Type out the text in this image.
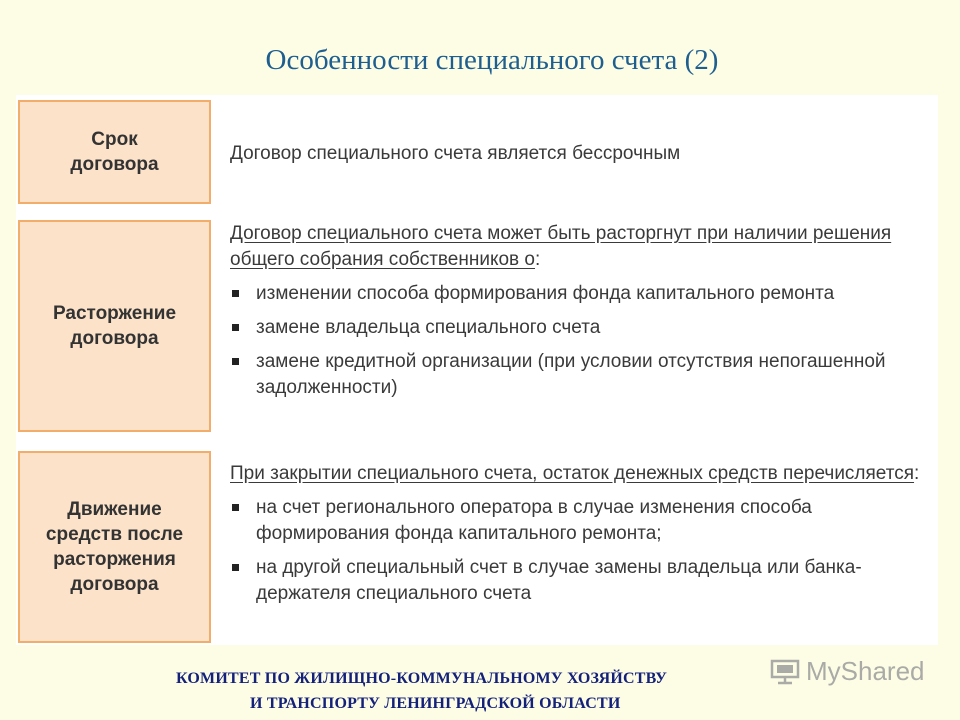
Особенности специального счета (2)
Срок
договора
Договор специального счета является бессрочным
Расторжение
договора
Договор специального счета может быть расторгнут при наличии решения общего собрания собственников о:
изменении способа формирования фонда капитального ремонта
замене владельца специального счета
замене кредитной организации (при условии отсутствия непогашенной задолженности)
Движение
средств после
расторжения
договора
При закрытии специального счета, остаток денежных средств перечисляется:
на счет регионального оператора в случае изменения способа формирования фонда капитального ремонта;
на другой специальный счет в случае замены владельца или банка-держателя специального счета
КОМИТЕТ ПО ЖИЛИЩНО-КОММУНАЛЬНОМУ ХОЗЯЙСТВУ
И ТРАНСПОРТУ ЛЕНИНГРАДСКОЙ ОБЛАСТИ
MyShared
